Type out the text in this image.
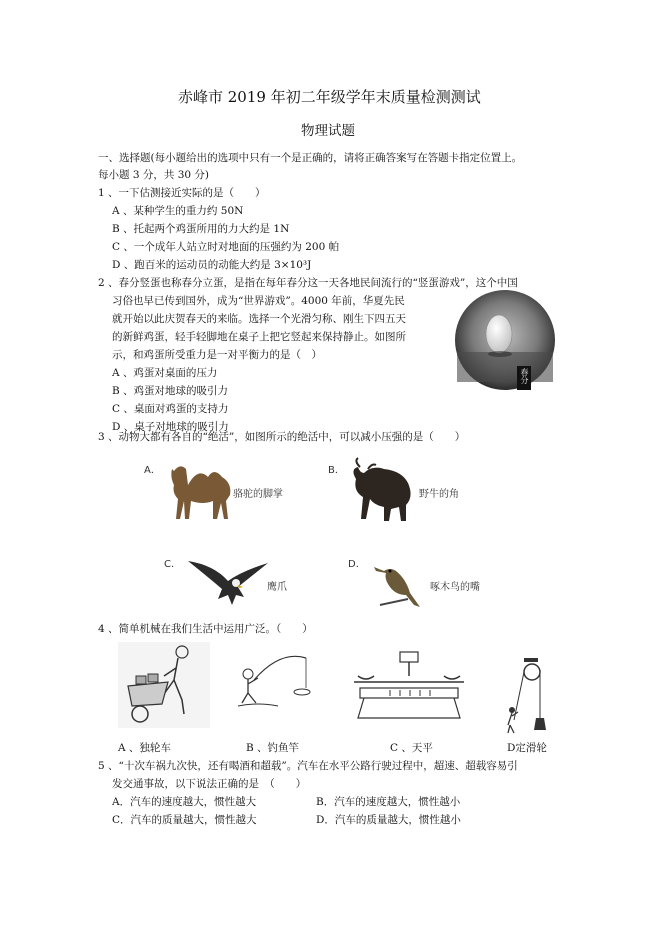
赤峰市 2019 年初二年级学年末质量检测测试
物理试题
一、选择题(每小题给出的选项中只有一个是正确的，请将正确答案写在答题卡指定位置上。
每小题 3 分，共 30 分)
1 、一下估测接近实际的是（　　）
A 、某种学生的重力约 50N
B 、托起两个鸡蛋所用的力大约是 1N
C 、一个成年人站立时对地面的压强约为 200 帕
D 、跑百米的运动员的动能大约是 3×10³J
2 、春分竖蛋也称春分立蛋，是指在每年春分这一天各地民间流行的“竖蛋游戏”，这个中国
习俗也早已传到国外，成为“世界游戏”。4000 年前，华夏先民
就开始以此庆贺春天的来临。选择一个光滑匀称、刚生下四五天
的新鲜鸡蛋，轻手轻脚地在桌子上把它竖起来保持静止。如图所
示，和鸡蛋所受重力是一对平衡力的是（　）
A 、鸡蛋对桌面的压力
B 、鸡蛋对地球的吸引力
C 、桌面对鸡蛋的支持力
D 、桌子对地球的吸引力
春分
3 、动物大都有各自的“绝活”，如图所示的绝活中，可以减小压强的是（　　）
A．
骆驼的脚掌
B．
野牛的角
C．
鹰爪
D．
啄木鸟的嘴
4 、简单机械在我们生活中运用广泛。（　　）
A 、独轮车	B 、钓鱼竿	C 、天平	D定滑轮
5 、“十次车祸九次快，还有喝酒和超载”。汽车在水平公路行驶过程中，超速、超载容易引
发交通事故，以下说法正确的是　（　　）
A．汽车的速度越大，惯性越大	B．汽车的速度越大，惯性越小
C．汽车的质量越大，惯性越大	D．汽车的质量越大，惯性越小
